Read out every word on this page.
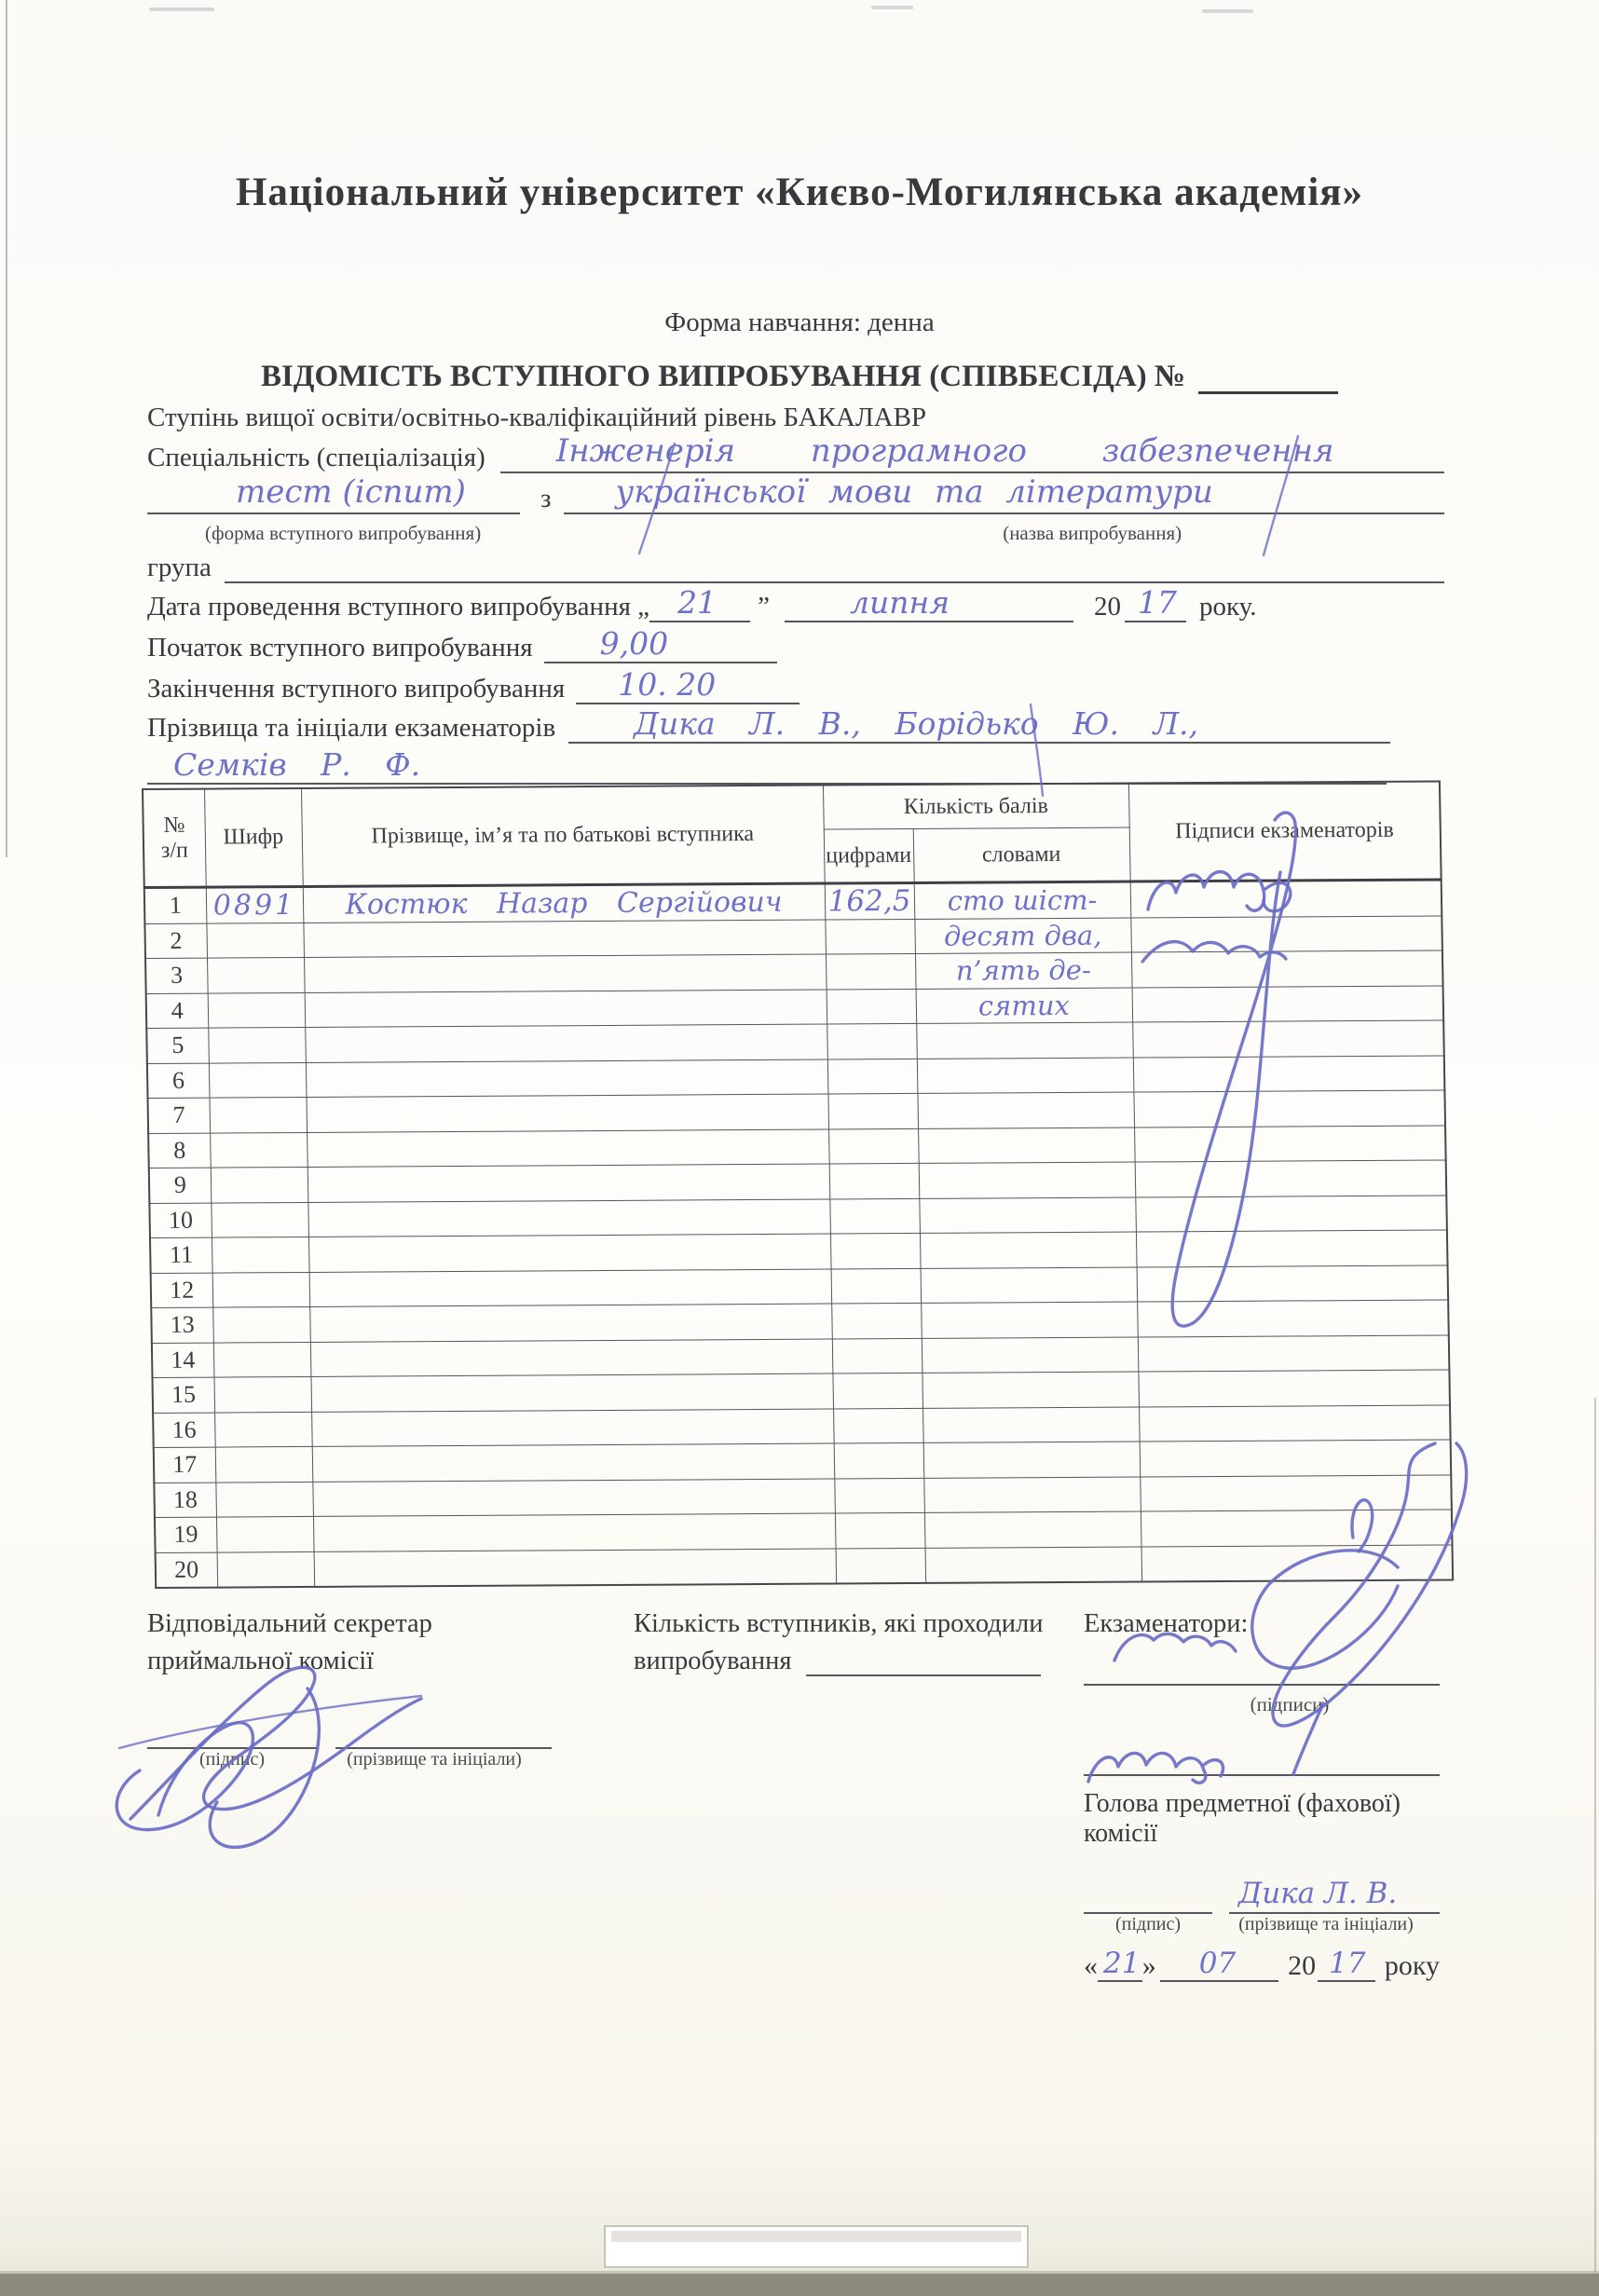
Національний університет «Києво-Могилянська академія»
Форма навчання: денна
ВІДОМІСТЬ ВСТУПНОГО ВИПРОБУВАННЯ (СПІВБЕСІДА) №
Ступінь вищої освіти/освітньо-кваліфікаційний рівень БАКАЛАВР
Спеціальність (спеціалізація) Інженерія програмного забезпечення
тест (іспит)	з української мови та літератури
(форма вступного випробування)	(назва випробування)
група
Дата проведення вступного випробування „ 21 ”	липня	20 17 року.
Початок вступного випробування 9,00
Закінчення вступного випробування 10. 20
Прізвища та ініціали екзаменаторів	Дика Л. В., Борідько Ю. Л.,
Семків Р. Ф.
№
з/п	Шифр	Прізвище, ім’я та по батькові вступника	Кількість балів		Підписи екзаменаторів
			цифрами	словами	
1	0891	Костюк Назар Сергійович	162,5	сто шіст-	
2				десят два,	
3				п’ять де-	
4				сятих	
5					
6					
7					
8					
9					
10					
11					
12					
13					
14					
15					
16					
17					
18					
19					
20					
Відповідальний секретар
приймальної комісії
(підпис)	(прізвище та ініціали)
Кількість вступників, які проходили
випробування
Екзаменатори:
(підписи)
Голова предметної (фахової) комісії
Дика Л. В.
(підпис)	(прізвище та ініціали)
« 21 » 07 20 17 року
